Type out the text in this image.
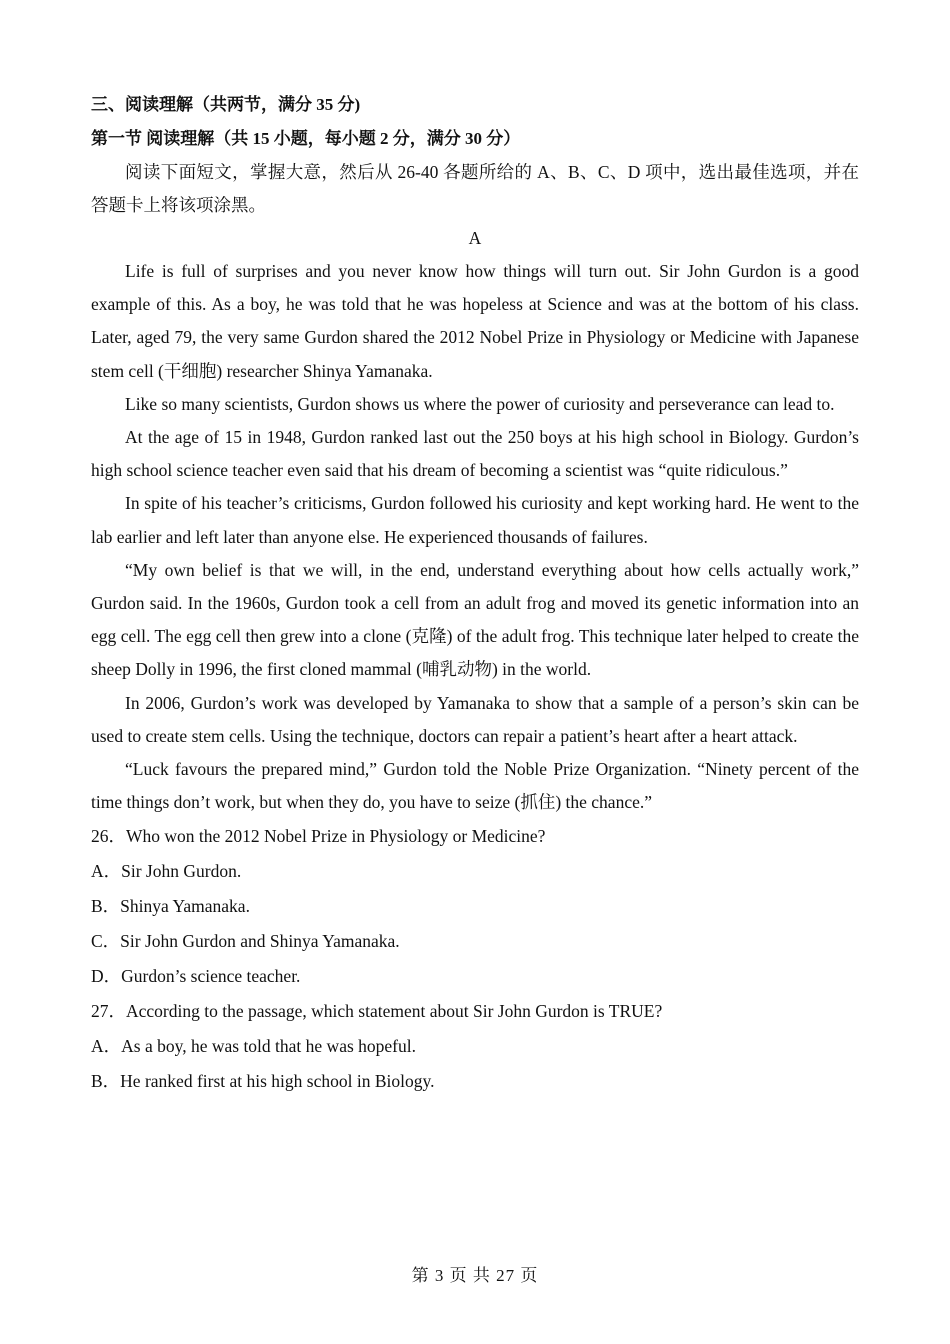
三、阅读理解（共两节，满分 35 分)

第一节 阅读理解（共 15 小题，每小题 2 分，满分 30 分）

阅读下面短文，掌握大意，然后从 26-40 各题所给的 A、B、C、D 项中，选出最佳选项，并在答题卡上将该项涂黑。

A

Life is full of surprises and you never know how things will turn out. Sir John Gurdon is a good example of this. As a boy, he was told that he was hopeless at Science and was at the bottom of his class. Later, aged 79, the very same Gurdon shared the 2012 Nobel Prize in Physiology or Medicine with Japanese stem cell (干细胞) researcher Shinya Yamanaka.

Like so many scientists, Gurdon shows us where the power of curiosity and perseverance can lead to.

At the age of 15 in 1948, Gurdon ranked last out the 250 boys at his high school in Biology. Gurdon’s high school science teacher even said that his dream of becoming a scientist was “quite ridiculous.”

In spite of his teacher’s criticisms, Gurdon followed his curiosity and kept working hard. He went to the lab earlier and left later than anyone else. He experienced thousands of failures.

“My own belief is that we will, in the end, understand everything about how cells actually work,” Gurdon said. In the 1960s, Gurdon took a cell from an adult frog and moved its genetic information into an egg cell. The egg cell then grew into a clone (克隆) of the adult frog. This technique later helped to create the sheep Dolly in 1996, the first cloned mammal (哺乳动物) in the world.

In 2006, Gurdon’s work was developed by Yamanaka to show that a sample of a person’s skin can be used to create stem cells. Using the technique, doctors can repair a patient’s heart after a heart attack.

“Luck favours the prepared mind,” Gurdon told the Noble Prize Organization. “Ninety percent of the time things don’t work, but when they do, you have to seize (抓住) the chance.”

26．Who won the 2012 Nobel Prize in Physiology or Medicine?

A．Sir John Gurdon.

B．Shinya Yamanaka.

C．Sir John Gurdon and Shinya Yamanaka.

D．Gurdon’s science teacher.

27．According to the passage, which statement about Sir John Gurdon is TRUE?

A．As a boy, he was told that he was hopeful.

B．He ranked first at his high school in Biology.

第 3 页 共 27 页
